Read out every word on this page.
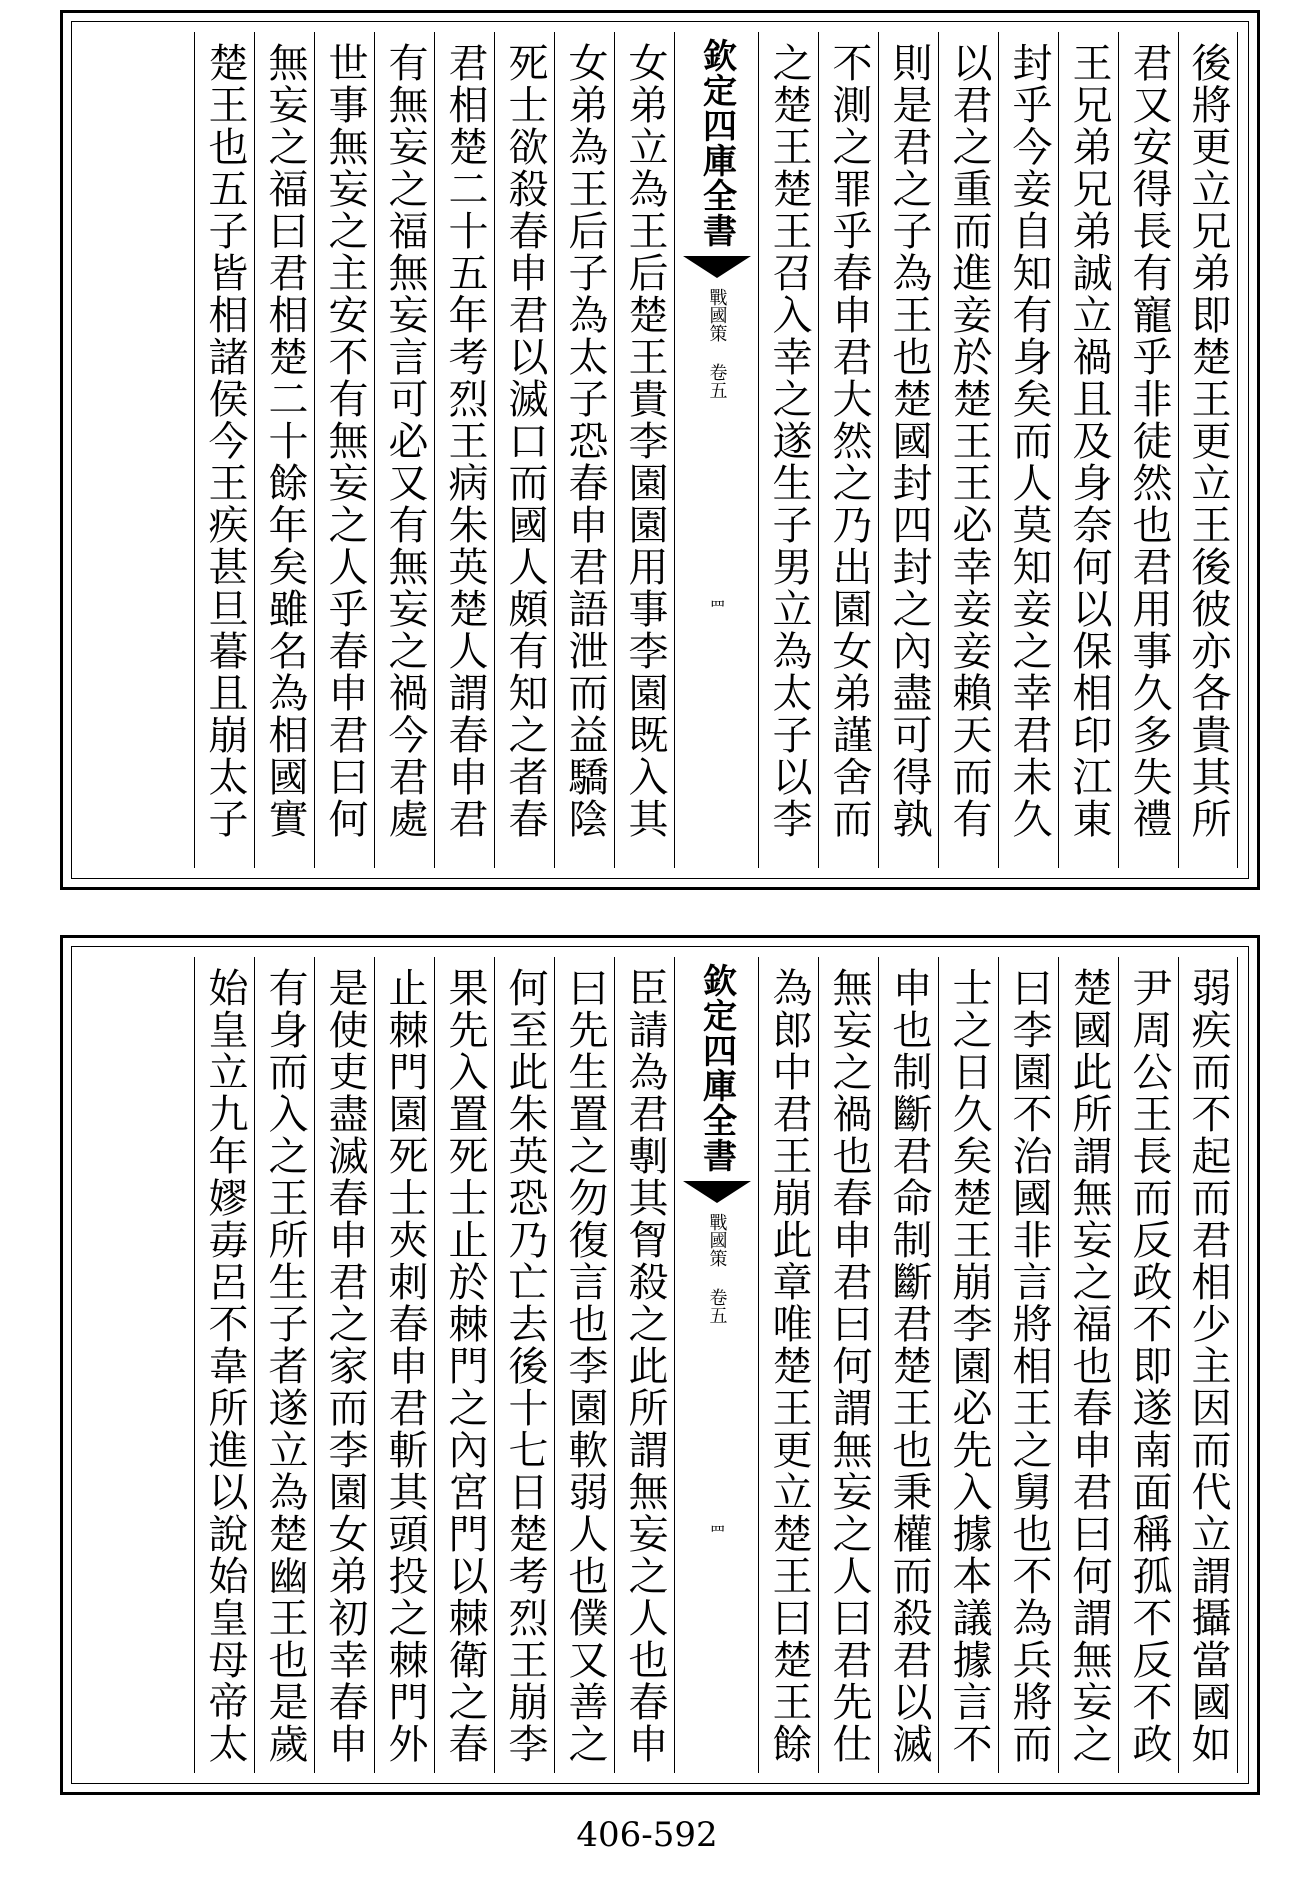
後將更立兄弟即楚王更立王後彼亦各貴其所
君又安得長有寵乎非徒然也君用事久多失禮
王兄弟兄弟誠立禍且及身奈何以保相印江東
封乎今妾自知有身矣而人莫知妾之幸君未久
以君之重而進妾於楚王王必幸妾妾賴天而有
則是君之子為王也楚國封四封之內盡可得孰
不測之罪乎春申君大然之乃出園女弟謹舍而
之楚王楚王召入幸之遂生子男立為太子以李
欽定四庫全書
戰國策 卷五
罒
女弟立為王后楚王貴李園園用事李園既入其
女弟為王后子為太子恐春申君語泄而益驕陰
死士欲殺春申君以滅口而國人頗有知之者春
君相楚二十五年考烈王病朱英楚人謂春申君
有無妄之福無妄言可必又有無妄之禍今君處
世事無妄之主安不有無妄之人乎春申君曰何
無妄之福曰君相楚二十餘年矣雖名為相國實
楚王也五子皆相諸侯今王疾甚旦暮且崩太子
弱疾而不起而君相少主因而代立謂攝當國如
尹周公王長而反政不即遂南面稱孤不反不政
楚國此所謂無妄之福也春申君曰何謂無妄之
曰李園不治國非言將相王之舅也不為兵將而
士之日久矣楚王崩李園必先入據本議據言不
申也制斷君命制斷君楚王也秉權而殺君以滅
無妄之禍也春申君曰何謂無妄之人曰君先仕
為郎中君王崩此章唯楚王更立楚王曰楚王餘
欽定四庫全書
戰國策 卷五
罒
臣請為君剸其胷殺之此所謂無妄之人也春申
曰先生置之勿復言也李園軟弱人也僕又善之
何至此朱英恐乃亡去後十七日楚考烈王崩李
果先入置死士止於棘門之內宮門以棘衛之春
止棘門園死士夾刺春申君斬其頭投之棘門外
是使吏盡滅春申君之家而李園女弟初幸春申
有身而入之王所生子者遂立為楚幽王也是歲
始皇立九年嫪毐呂不韋所進以說始皇母帝太
406-592
